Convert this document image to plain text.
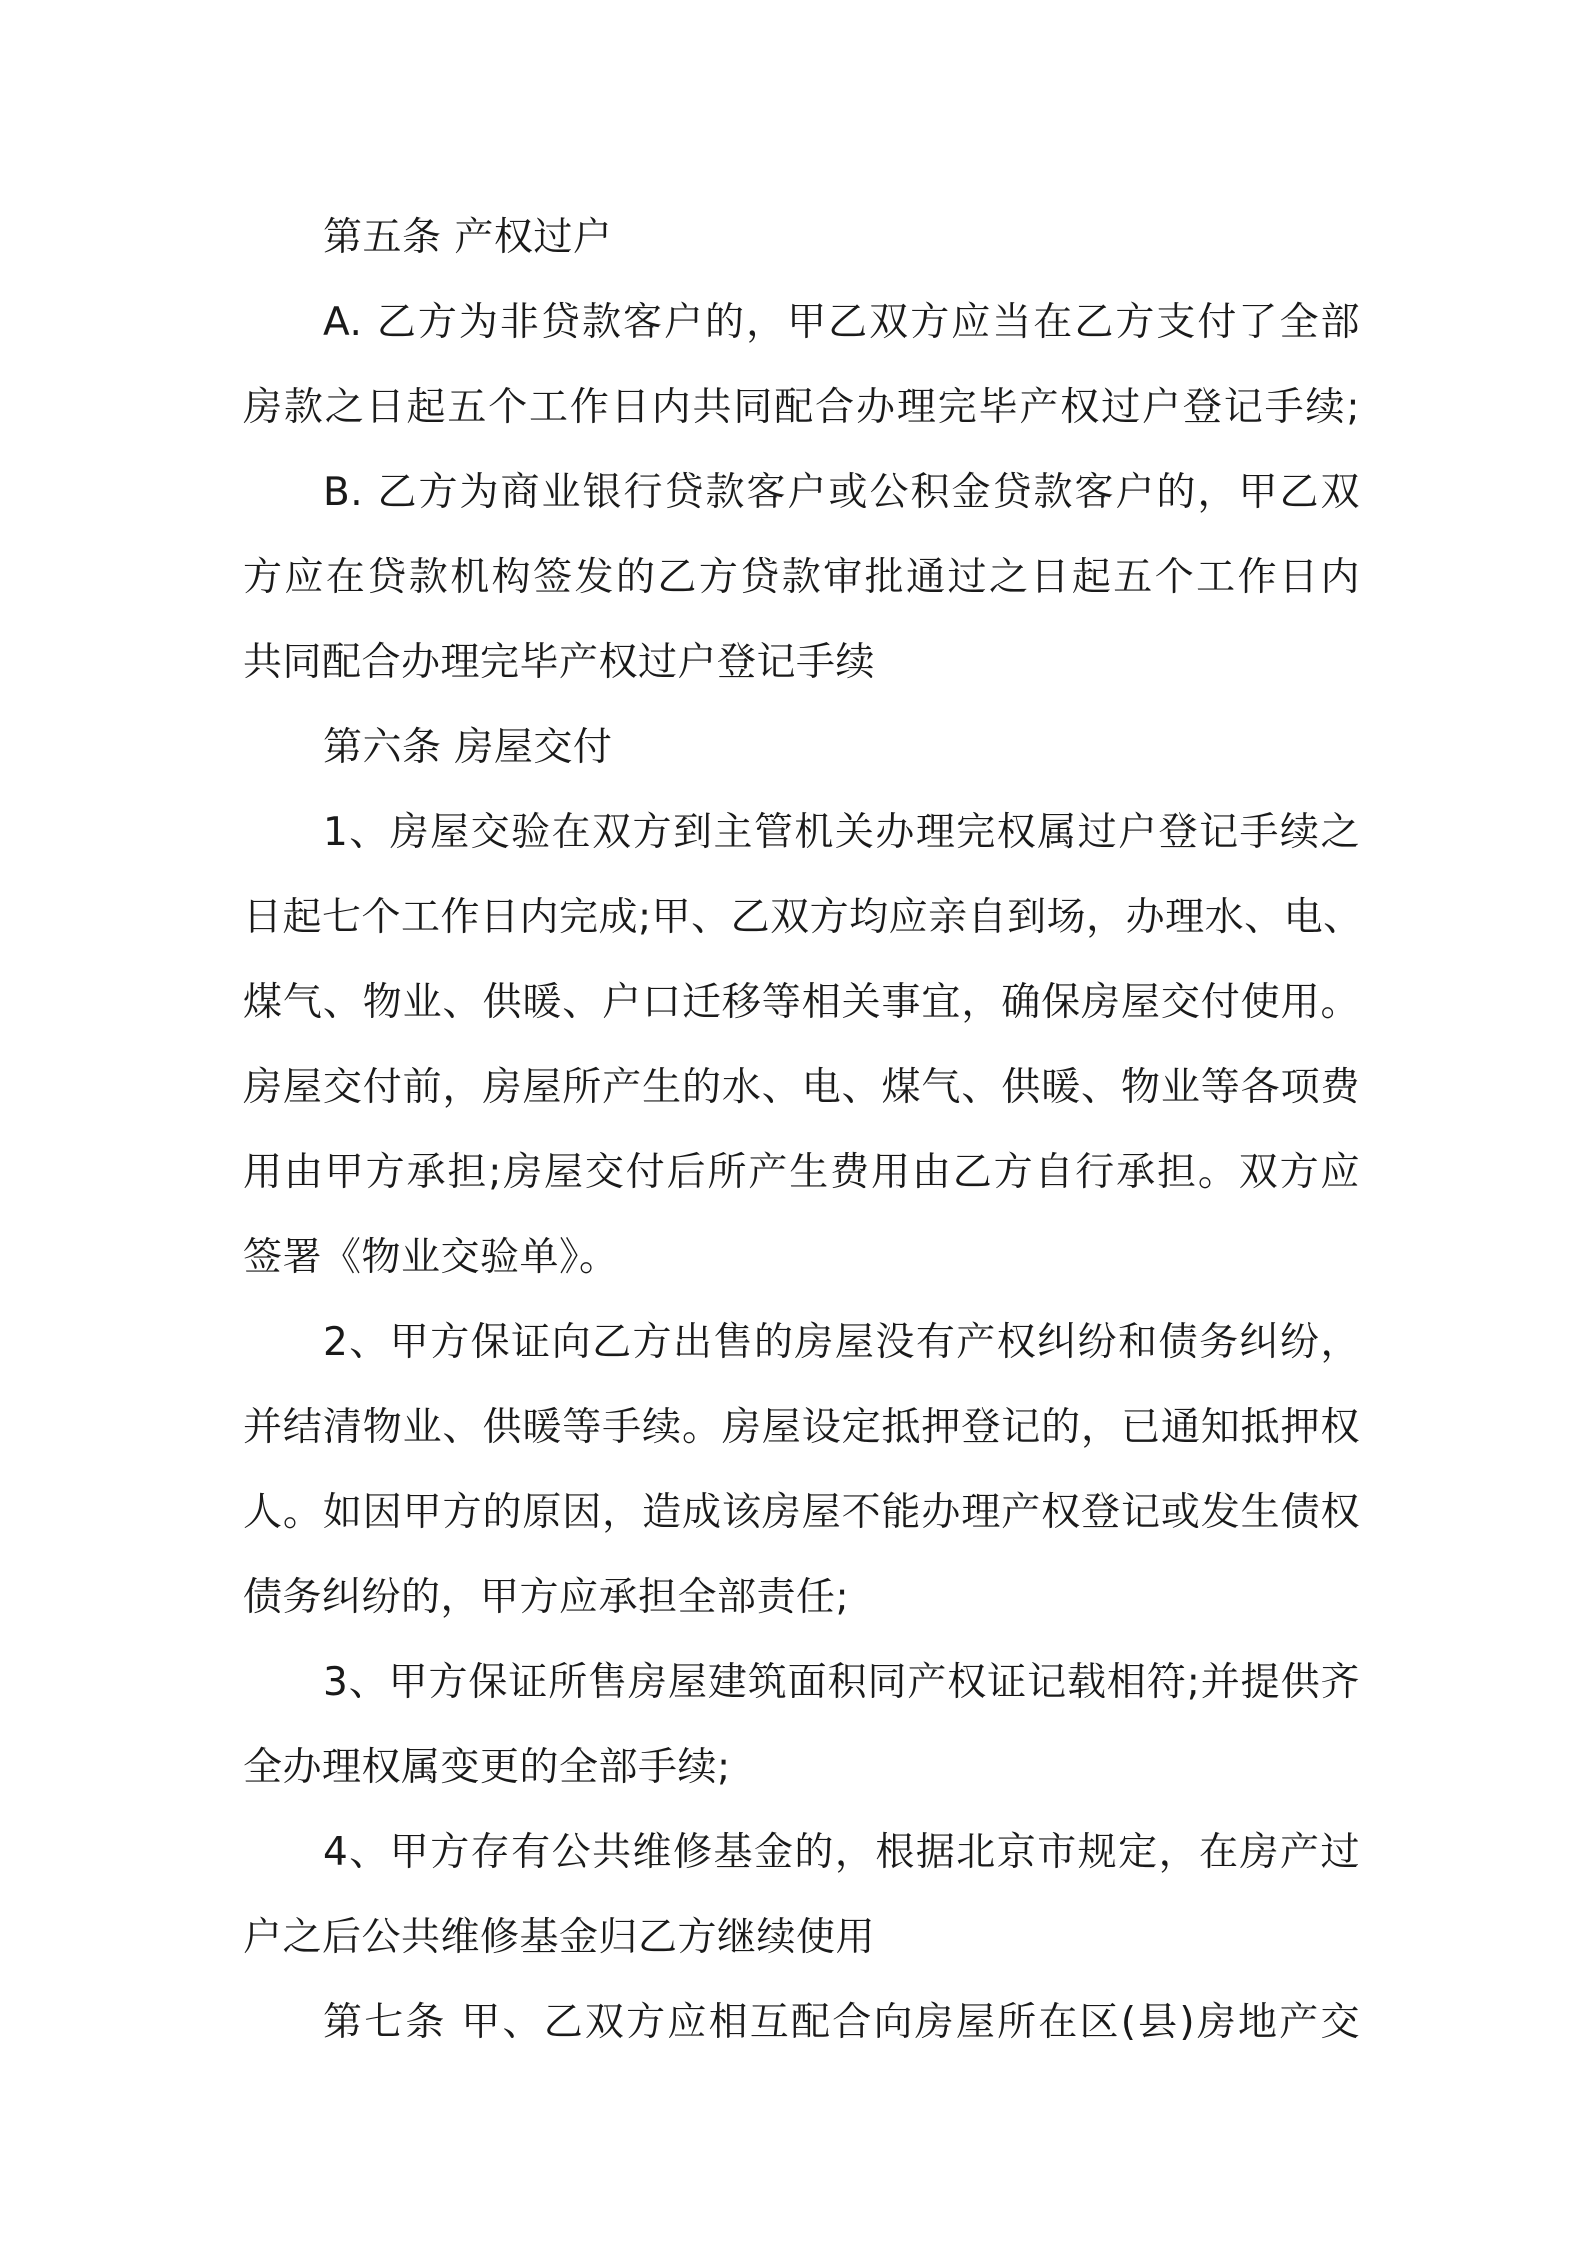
第五条 产权过户
A. 乙方为非贷款客户的，甲乙双方应当在乙方支付了全部
房款之日起五个工作日内共同配合办理完毕产权过户登记手续;
B. 乙方为商业银行贷款客户或公积金贷款客户的，甲乙双
方应在贷款机构签发的乙方贷款审批通过之日起五个工作日内
共同配合办理完毕产权过户登记手续
第六条 房屋交付
1、房屋交验在双方到主管机关办理完权属过户登记手续之
日起七个工作日内完成;甲、乙双方均应亲自到场，办理水、电、
煤气、物业、供暖、户口迁移等相关事宜，确保房屋交付使用。
房屋交付前，房屋所产生的水、电、煤气、供暖、物业等各项费
用由甲方承担;房屋交付后所产生费用由乙方自行承担。双方应
签署《物业交验单》。
2、甲方保证向乙方出售的房屋没有产权纠纷和债务纠纷，
并结清物业、供暖等手续。房屋设定抵押登记的，已通知抵押权
人。如因甲方的原因，造成该房屋不能办理产权登记或发生债权
债务纠纷的，甲方应承担全部责任;
3、甲方保证所售房屋建筑面积同产权证记载相符;并提供齐
全办理权属变更的全部手续;
4、甲方存有公共维修基金的，根据北京市规定，在房产过
户之后公共维修基金归乙方继续使用
第七条 甲、乙双方应相互配合向房屋所在区(县)房地产交
